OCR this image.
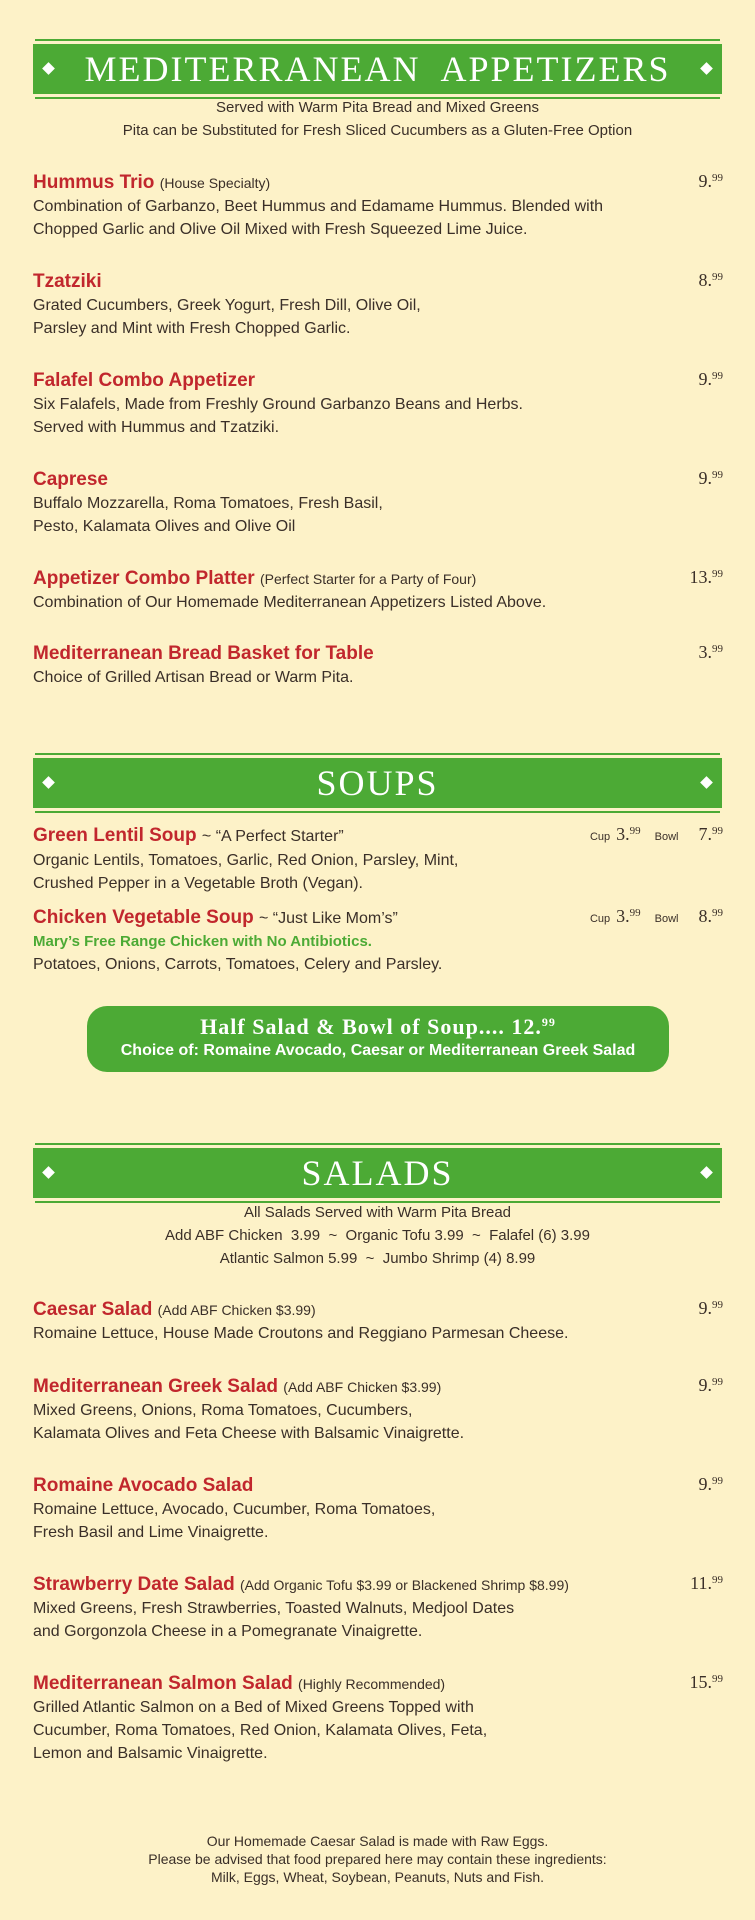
MEDITERRANEAN  APPETIZERS
Served with Warm Pita Bread and Mixed Greens
Pita can be Substituted for Fresh Sliced Cucumbers as a Gluten-Free Option
Hummus Trio (House Specialty)
Combination of Garbanzo, Beet Hummus and Edamame Hummus. Blended with
Chopped Garlic and Olive Oil Mixed with Fresh Squeezed Lime Juice.
9.99
Tzatziki
Grated Cucumbers, Greek Yogurt, Fresh Dill, Olive Oil,
Parsley and Mint with Fresh Chopped Garlic.
8.99
Falafel Combo Appetizer
Six Falafels, Made from Freshly Ground Garbanzo Beans and Herbs.
Served with Hummus and Tzatziki.
9.99
Caprese
Buffalo Mozzarella, Roma Tomatoes, Fresh Basil,
Pesto, Kalamata Olives and Olive Oil
9.99
Appetizer Combo Platter (Perfect Starter for a Party of Four)
Combination of Our Homemade Mediterranean Appetizers Listed Above.
13.99
Mediterranean Bread Basket for Table
Choice of Grilled Artisan Bread or Warm Pita.
3.99
SOUPS
Green Lentil Soup ~ “A Perfect Starter”
Organic Lentils, Tomatoes, Garlic, Red Onion, Parsley, Mint,
Crushed Pepper in a Vegetable Broth (Vegan).
Cup 3.99 Bowl 7.99
Chicken Vegetable Soup ~ “Just Like Mom’s”
Mary’s Free Range Chicken with No Antibiotics.
Potatoes, Onions, Carrots, Tomatoes, Celery and Parsley.
Cup 3.99 Bowl 8.99
Half Salad & Bowl of Soup.... 12.99
Choice of: Romaine Avocado, Caesar or Mediterranean Greek Salad
SALADS
All Salads Served with Warm Pita Bread
Add ABF Chicken  3.99  ~  Organic Tofu 3.99  ~  Falafel (6) 3.99
Atlantic Salmon 5.99  ~  Jumbo Shrimp (4) 8.99
Caesar Salad (Add ABF Chicken $3.99)
Romaine Lettuce, House Made Croutons and Reggiano Parmesan Cheese.
9.99
Mediterranean Greek Salad (Add ABF Chicken $3.99)
Mixed Greens, Onions, Roma Tomatoes, Cucumbers,
Kalamata Olives and Feta Cheese with Balsamic Vinaigrette.
9.99
Romaine Avocado Salad
Romaine Lettuce, Avocado, Cucumber, Roma Tomatoes,
Fresh Basil and Lime Vinaigrette.
9.99
Strawberry Date Salad (Add Organic Tofu $3.99 or Blackened Shrimp $8.99)
Mixed Greens, Fresh Strawberries, Toasted Walnuts, Medjool Dates
and Gorgonzola Cheese in a Pomegranate Vinaigrette.
11.99
Mediterranean Salmon Salad (Highly Recommended)
Grilled Atlantic Salmon on a Bed of Mixed Greens Topped with
Cucumber, Roma Tomatoes, Red Onion, Kalamata Olives, Feta,
Lemon and Balsamic Vinaigrette.
15.99
Our Homemade Caesar Salad is made with Raw Eggs.
Please be advised that food prepared here may contain these ingredients:
Milk, Eggs, Wheat, Soybean, Peanuts, Nuts and Fish.
